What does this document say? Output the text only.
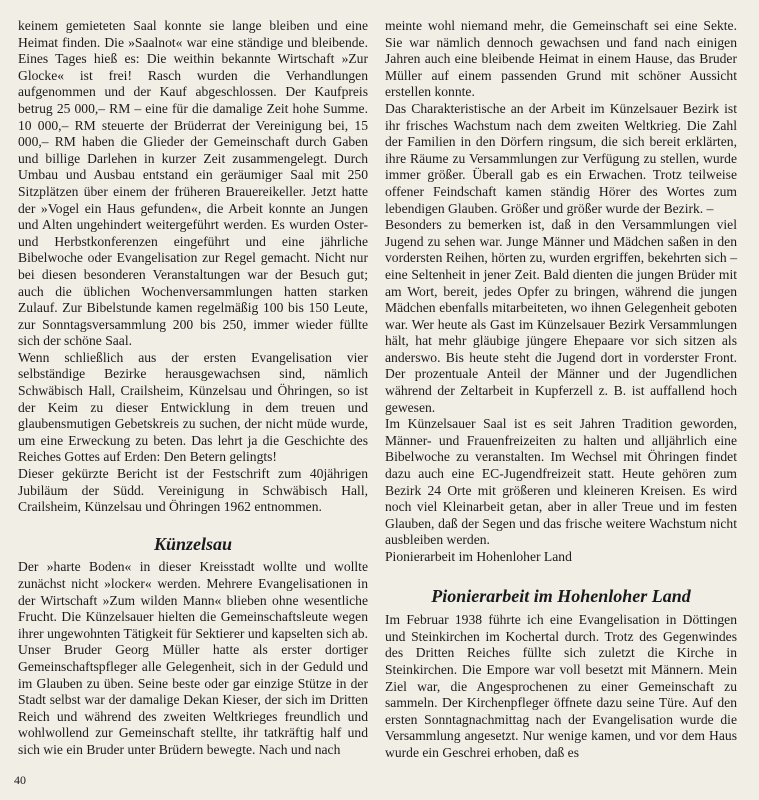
keinem gemieteten Saal konnte sie lange bleiben und eine Heimat finden. Die »Saalnot« war eine ständige und bleibende. Eines Tages hieß es: Die weithin bekannte Wirtschaft »Zur Glocke« ist frei! Rasch wurden die Verhandlungen aufgenommen und der Kauf abgeschlossen. Der Kaufpreis betrug 25 000,– RM – eine für die damalige Zeit hohe Summe. 10 000,– RM steuerte der Brüderrat der Vereinigung bei, 15 000,– RM haben die Glieder der Gemeinschaft durch Gaben und billige Darlehen in kurzer Zeit zusammengelegt. Durch Umbau und Ausbau entstand ein geräumiger Saal mit 250 Sitzplätzen über einem der früheren Brauereikeller. Jetzt hatte der »Vogel ein Haus gefunden«, die Arbeit konnte an Jungen und Alten ungehindert weitergeführt werden. Es wurden Oster- und Herbstkonferenzen eingeführt und eine jährliche Bibelwoche oder Evangelisation zur Regel gemacht. Nicht nur bei diesen besonderen Veranstaltungen war der Besuch gut; auch die üblichen Wochenversammlungen hatten starken Zulauf. Zur Bibelstunde kamen regelmäßig 100 bis 150 Leute, zur Sonntagsversammlung 200 bis 250, immer wieder füllte sich der schöne Saal.

Wenn schließlich aus der ersten Evangelisation vier selbständige Bezirke herausgewachsen sind, nämlich Schwäbisch Hall, Crailsheim, Künzelsau und Öhringen, so ist der Keim zu dieser Entwicklung in dem treuen und glaubensmutigen Gebetskreis zu suchen, der nicht müde wurde, um eine Erweckung zu beten. Das lehrt ja die Geschichte des Reiches Gottes auf Erden: Den Betern gelingts!

Dieser gekürzte Bericht ist der Festschrift zum 40jährigen Jubiläum der Südd. Vereinigung in Schwäbisch Hall, Crailsheim, Künzelsau und Öhringen 1962 entnommen.

Künzelsau

Der »harte Boden« in dieser Kreisstadt wollte und wollte zunächst nicht »locker« werden. Mehrere Evangelisationen in der Wirtschaft »Zum wilden Mann« blieben ohne wesentliche Frucht. Die Künzelsauer hielten die Gemeinschaftsleute wegen ihrer ungewohnten Tätigkeit für Sektierer und kapselten sich ab. Unser Bruder Georg Müller hatte als erster dortiger Gemeinschaftspfleger alle Gelegenheit, sich in der Geduld und im Glauben zu üben. Seine beste oder gar einzige Stütze in der Stadt selbst war der damalige Dekan Kieser, der sich im Dritten Reich und während des zweiten Weltkrieges freundlich und wohlwollend zur Gemeinschaft stellte, ihr tatkräftig half und sich wie ein Bruder unter Brüdern bewegte. Nach und nach

meinte wohl niemand mehr, die Gemeinschaft sei eine Sekte. Sie war nämlich dennoch gewachsen und fand nach einigen Jahren auch eine bleibende Heimat in einem Hause, das Bruder Müller auf einem passenden Grund mit schöner Aussicht erstellen konnte.

Das Charakteristische an der Arbeit im Künzelsauer Bezirk ist ihr frisches Wachstum nach dem zweiten Weltkrieg. Die Zahl der Familien in den Dörfern ringsum, die sich bereit erklärten, ihre Räume zu Versammlungen zur Verfügung zu stellen, wurde immer größer. Überall gab es ein Erwachen. Trotz teilweise offener Feindschaft kamen ständig Hörer des Wortes zum lebendigen Glauben. Größer und größer wurde der Bezirk. –

Besonders zu bemerken ist, daß in den Versammlungen viel Jugend zu sehen war. Junge Männer und Mädchen saßen in den vordersten Reihen, hörten zu, wurden ergriffen, bekehrten sich – eine Seltenheit in jener Zeit. Bald dienten die jungen Brüder mit am Wort, bereit, jedes Opfer zu bringen, während die jungen Mädchen ebenfalls mitarbeiteten, wo ihnen Gelegenheit geboten war. Wer heute als Gast im Künzelsauer Bezirk Versammlungen hält, hat mehr gläubige jüngere Ehepaare vor sich sitzen als anderswo. Bis heute steht die Jugend dort in vorderster Front. Der prozentuale Anteil der Männer und der Jugendlichen während der Zeltarbeit in Kupferzell z. B. ist auffallend hoch gewesen.

Im Künzelsauer Saal ist es seit Jahren Tradition geworden, Männer- und Frauenfreizeiten zu halten und alljährlich eine Bibelwoche zu veranstalten. Im Wechsel mit Öhringen findet dazu auch eine EC-Jugendfreizeit statt. Heute gehören zum Bezirk 24 Orte mit größeren und kleineren Kreisen. Es wird noch viel Kleinarbeit getan, aber in aller Treue und im festen Glauben, daß der Segen und das frische weitere Wachstum nicht ausbleiben werden.

Pionierarbeit im Hohenloher Land

Pionierarbeit im Hohenloher Land

Im Februar 1938 führte ich eine Evangelisation in Döttingen und Steinkirchen im Kochertal durch. Trotz des Gegenwindes des Dritten Reiches füllte sich zuletzt die Kirche in Steinkirchen. Die Empore war voll besetzt mit Männern. Mein Ziel war, die Angesprochenen zu einer Gemeinschaft zu sammeln. Der Kirchenpfleger öffnete dazu seine Türe. Auf den ersten Sonntagnachmittag nach der Evangelisation wurde die Versammlung angesetzt. Nur wenige kamen, und vor dem Haus wurde ein Geschrei erhoben, daß es

40
